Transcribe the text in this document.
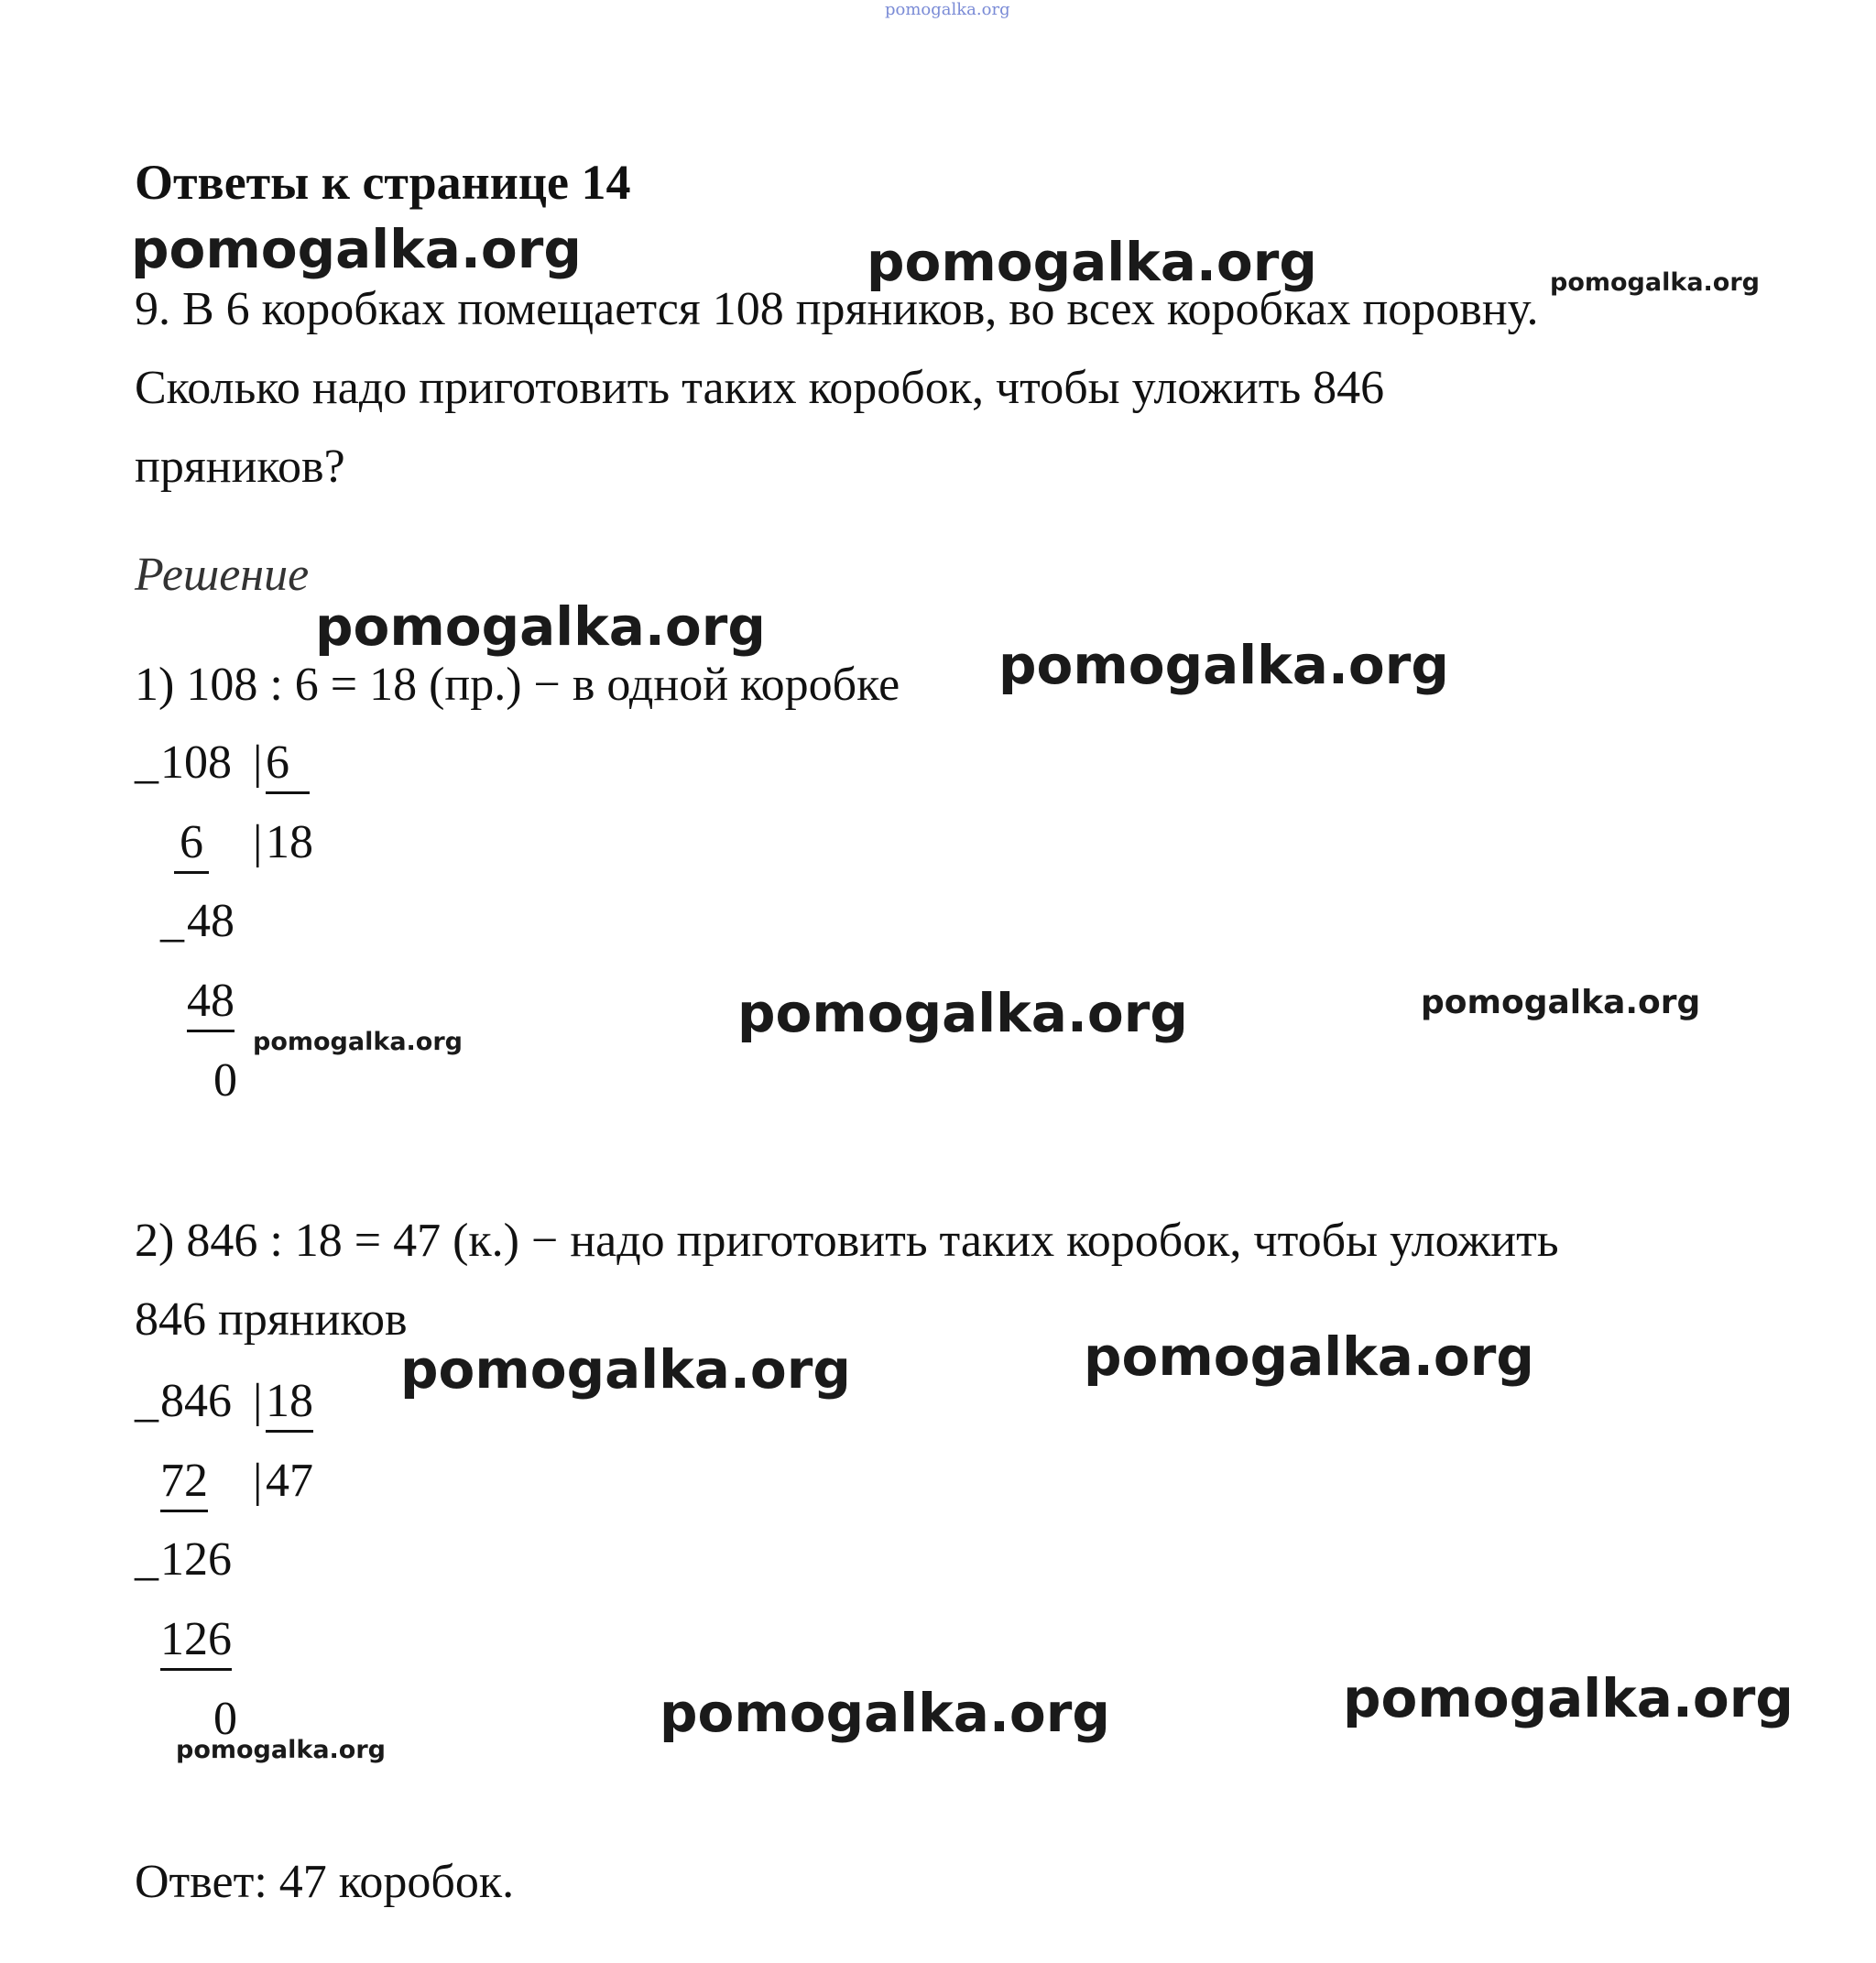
pomogalka.org
Ответы к странице 14
9. В 6 коробках помещается 108 пряников, во всех коробках поровну.
Сколько надо приготовить таких коробок, чтобы уложить 846
пряников?
Решение
1) 108 : 6 = 18 (пр.) − в одной коробке
_ 108 | 6
6 | 18
_ 48
48
0
2) 846 : 18 = 47 (к.) − надо приготовить таких коробок, чтобы уложить
846 пряников
_ 846 | 18
72 | 47
_ 126
126
0
Ответ: 47 коробок.
pomogalka.org	pomogalka.org	pomogalka.org
pomogalka.org
pomogalka.org
pomogalka.org	pomogalka.org
pomogalka.org
pomogalka.org
pomogalka.org
pomogalka.org
pomogalka.org
pomogalka.org
